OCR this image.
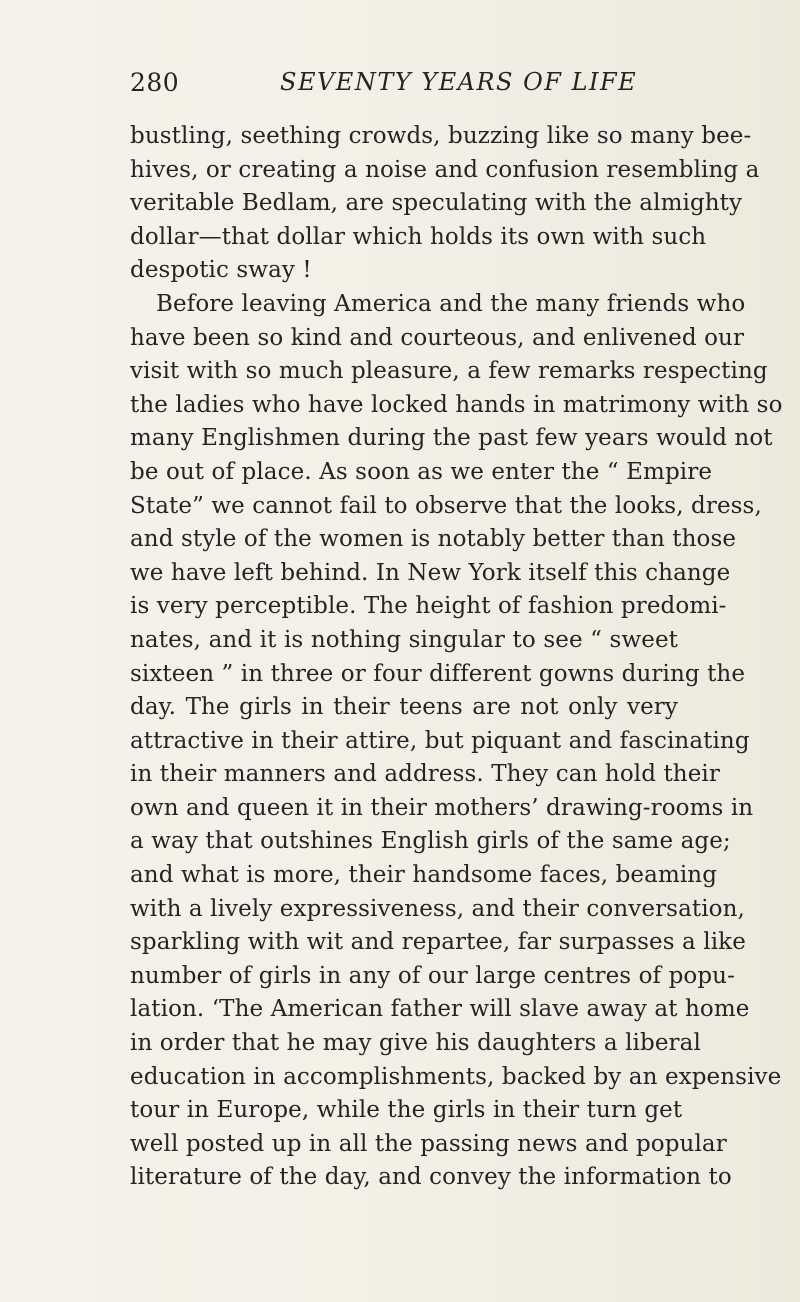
280	SEVENTY YEARS OF LIFE
bustling, seething crowds, buzzing like so many bee-
hives, or creating a noise and confusion resembling a
veritable Bedlam, are speculating with the almighty
dollar—that dollar which holds its own with such
despotic sway !
Before leaving America and the many friends who
have been so kind and courteous, and enlivened our
visit with so much pleasure, a few remarks respecting
the ladies who have locked hands in matrimony with so
many Englishmen during the past few years would not
be out of place. As soon as we enter the “ Empire
State” we cannot fail to observe that the looks, dress,
and style of the women is notably better than those
we have left behind. In New York itself this change
is very perceptible. The height of fashion predomi-
nates, and it is nothing singular to see “ sweet
sixteen ” in three or four different gowns during the
day. The girls in their teens are not only very
attractive in their attire, but piquant and fascinating
in their manners and address. They can hold their
own and queen it in their mothers’ drawing-rooms in
a way that outshines English girls of the same age;
and what is more, their handsome faces, beaming
with a lively expressiveness, and their conversation,
sparkling with wit and repartee, far surpasses a like
number of girls in any of our large centres of popu-
lation. ‘The American father will slave away at home
in order that he may give his daughters a liberal
education in accomplishments, backed by an expensive
tour in Europe, while the girls in their turn get
well posted up in all the passing news and popular
literature of the day, and convey the information to
